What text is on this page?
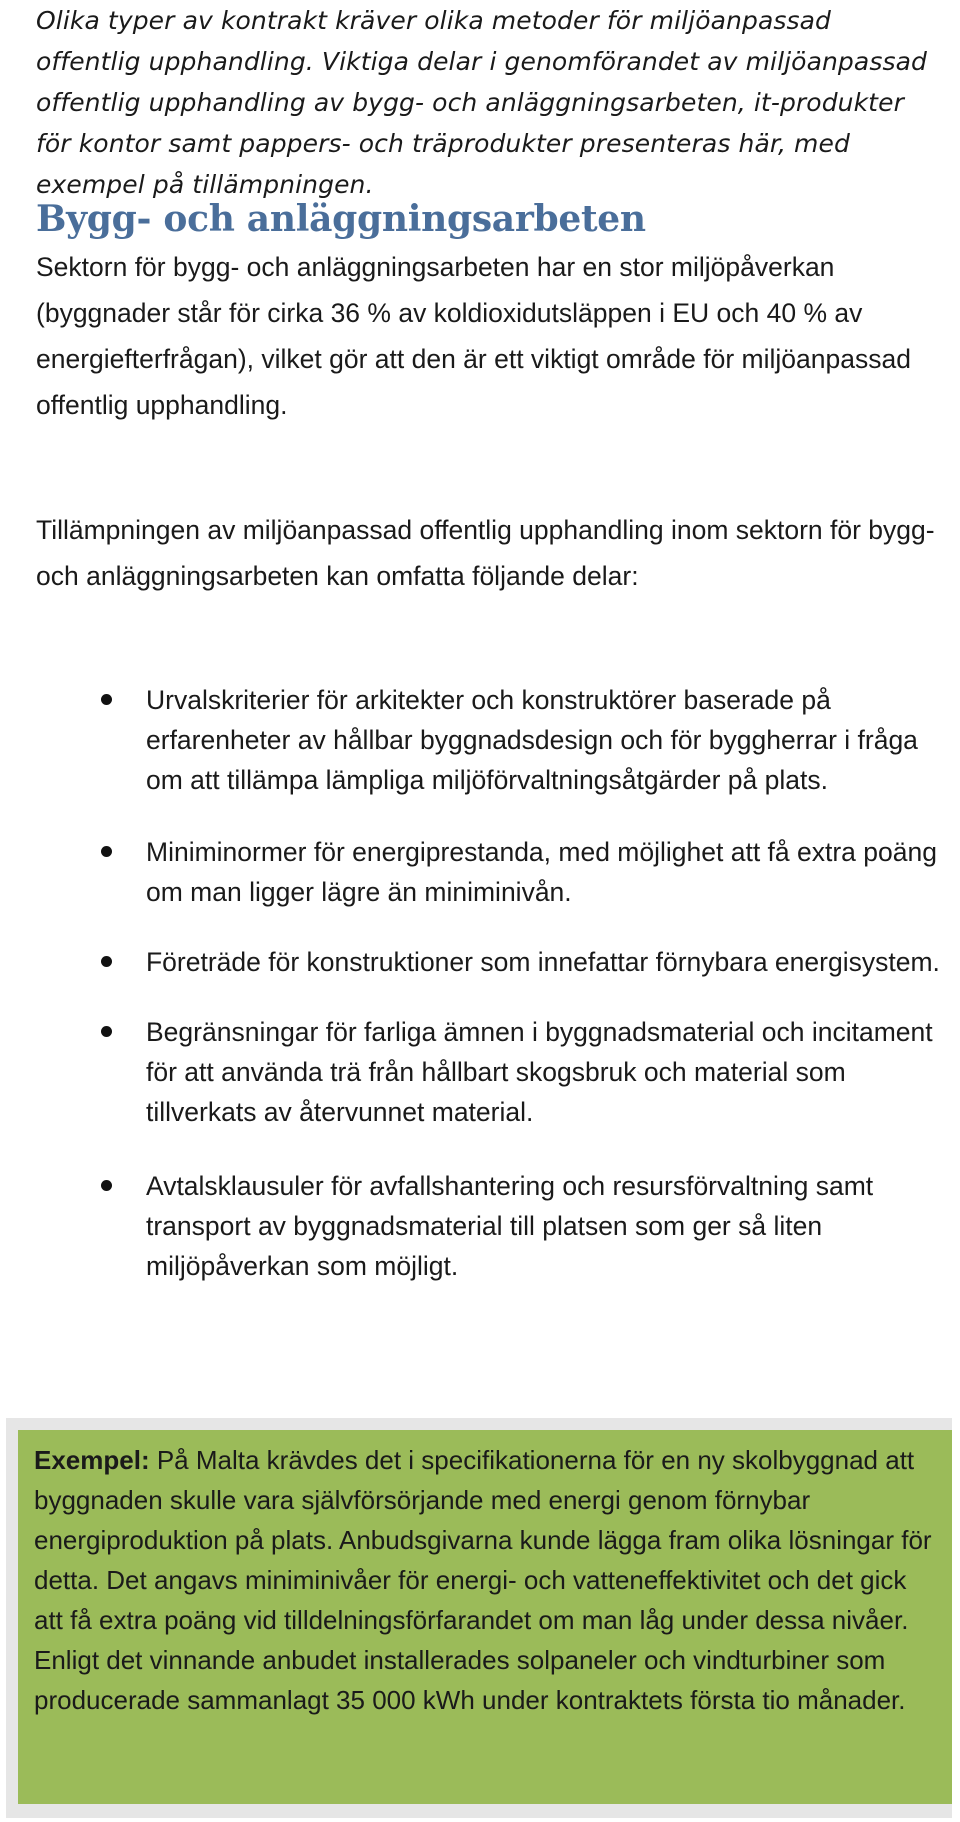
Olika typer av kontrakt kräver olika metoder för miljöanpassad offentlig upphandling. Viktiga delar i genomförandet av miljöanpassad offentlig upphandling av bygg- och anläggningsarbeten, it-produkter för kontor samt pappers- och träprodukter presenteras här, med exempel på tillämpningen.

Bygg- och anläggningsarbeten

Sektorn för bygg- och anläggningsarbeten har en stor miljöpåverkan (byggnader står för cirka 36 % av koldioxidutsläppen i EU och 40 % av energiefterfrågan), vilket gör att den är ett viktigt område för miljöanpassad offentlig upphandling.

Tillämpningen av miljöanpassad offentlig upphandling inom sektorn för bygg- och anläggningsarbeten kan omfatta följande delar:

Urvalskriterier för arkitekter och konstruktörer baserade på erfarenheter av hållbar byggnadsdesign och för byggherrar i fråga om att tillämpa lämpliga miljöförvaltningsåtgärder på plats.
Miniminormer för energiprestanda, med möjlighet att få extra poäng om man ligger lägre än miniminivån.
Företräde för konstruktioner som innefattar förnybara energisystem.
Begränsningar för farliga ämnen i byggnadsmaterial och incitament för att använda trä från hållbart skogsbruk och material som tillverkats av återvunnet material.
Avtalsklausuler för avfallshantering och resursförvaltning samt transport av byggnadsmaterial till platsen som ger så liten miljöpåverkan som möjligt.

Exempel: På Malta krävdes det i specifikationerna för en ny skolbyggnad att byggnaden skulle vara självförsörjande med energi genom förnybar energiproduktion på plats. Anbudsgivarna kunde lägga fram olika lösningar för detta. Det angavs miniminivåer för energi- och vatteneffektivitet och det gick att få extra poäng vid tilldelningsförfarandet om man låg under dessa nivåer. Enligt det vinnande anbudet installerades solpaneler och vindturbiner som producerade sammanlagt 35 000 kWh under kontraktets första tio månader.
